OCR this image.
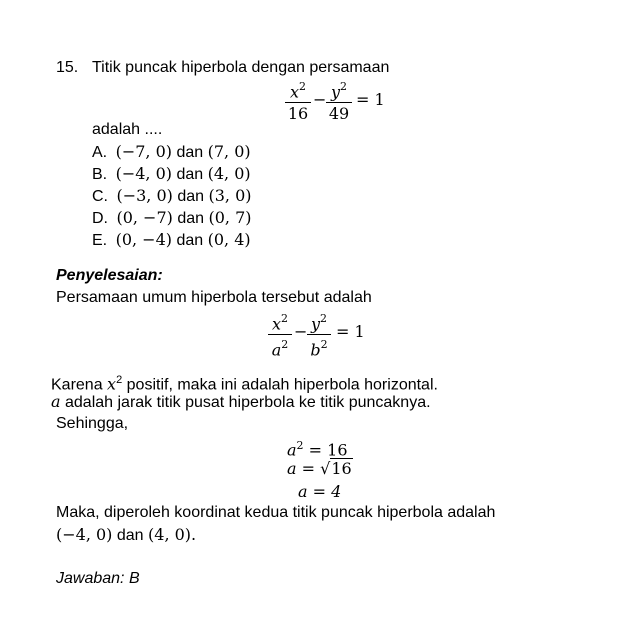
15. Titik puncak hiperbola dengan persamaan
$x^2$
16
− $y^2$
49
= 1
adalah ....
A. (−7, 0) dan (7, 0)
B. (−4, 0) dan (4, 0)
C. (−3, 0) dan (3, 0)
D. (0, −7) dan (0, 7)
E. (0, −4) dan (0, 4)
Penyelesaian:
Persamaan umum hiperbola tersebut adalah
$x^2$
$a^2$
− $y^2$
$b^2$
= 1
Karena $x^2$ positif, maka ini adalah hiperbola horizontal.
a adalah jarak titik pusat hiperbola ke titik puncaknya.
Sehingga,
$a^2 = 16$
a = √16
a = 4
Maka, diperoleh koordinat kedua titik puncak hiperbola adalah
(−4, 0) dan (4, 0).
Jawaban: B
